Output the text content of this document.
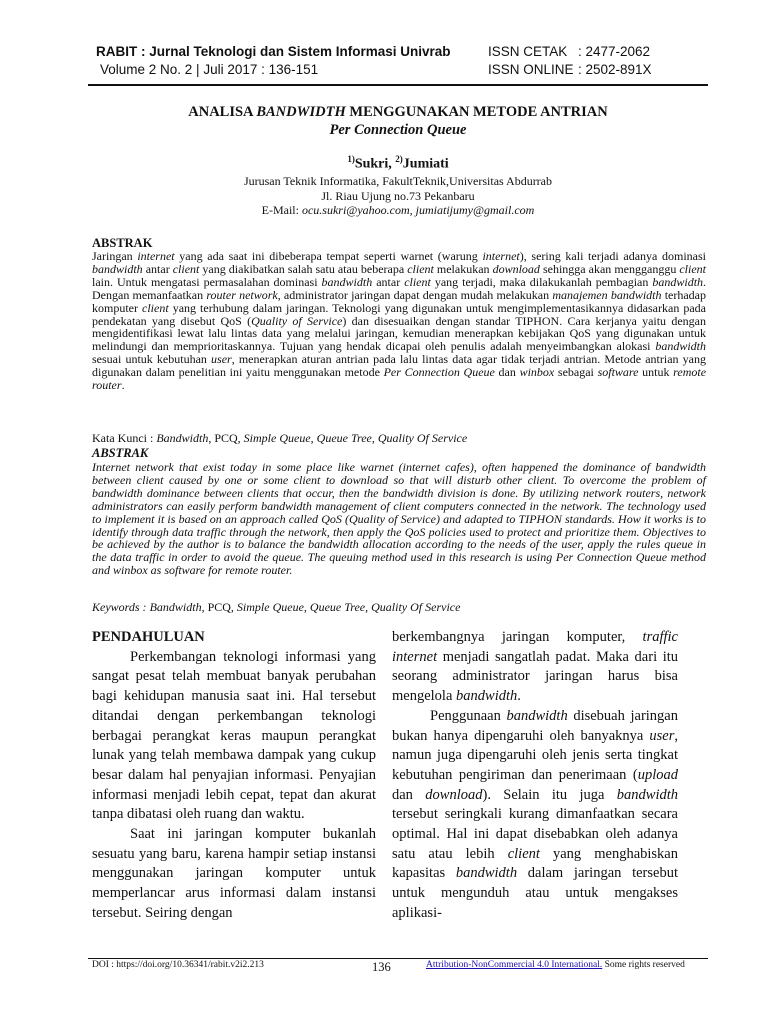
RABIT : Jurnal Teknologi dan Sistem Informasi Univrab
Volume 2 No. 2 | Juli 2017 : 136-151
ISSN CETAK : 2477-2062
ISSN ONLINE : 2502-891X
ANALISA BANDWIDTH MENGGUNAKAN METODE ANTRIAN
Per Connection Queue
$^{1)}$Sukri, $^{2)}$Jumiati
Jurusan Teknik Informatika, FakultTeknik,Universitas Abdurrab
Jl. Riau Ujung no.73 Pekanbaru
E-Mail: ocu.sukri@yahoo.com, jumiatijumy@gmail.com
ABSTRAK
Jaringan internet yang ada saat ini dibeberapa tempat seperti warnet (warung internet), sering kali terjadi adanya dominasi bandwidth antar client yang diakibatkan salah satu atau beberapa client melakukan download sehingga akan mengganggu client lain. Untuk mengatasi permasalahan dominasi bandwidth antar client yang terjadi, maka dilakukanlah pembagian bandwidth. Dengan memanfaatkan router network, administrator jaringan dapat dengan mudah melakukan manajemen bandwidth terhadap komputer client yang terhubung dalam jaringan. Teknologi yang digunakan untuk mengimplementasikannya didasarkan pada pendekatan yang disebut QoS (Quality of Service) dan disesuaikan dengan standar TIPHON. Cara kerjanya yaitu dengan mengidentifikasi lewat lalu lintas data yang melalui jaringan, kemudian menerapkan kebijakan QoS yang digunakan untuk melindungi dan memprioritaskannya. Tujuan yang hendak dicapai oleh penulis adalah menyeimbangkan alokasi bandwidth sesuai untuk kebutuhan user, menerapkan aturan antrian pada lalu lintas data agar tidak terjadi antrian. Metode antrian yang digunakan dalam penelitian ini yaitu menggunakan metode Per Connection Queue dan winbox sebagai software untuk remote router.
Kata Kunci : Bandwidth, PCQ, Simple Queue, Queue Tree, Quality Of Service
ABSTRAK
Internet network that exist today in some place like warnet (internet cafes), often happened the dominance of bandwidth between client caused by one or some client to download so that will disturb other client. To overcome the problem of bandwidth dominance between clients that occur, then the bandwidth division is done. By utilizing network routers, network administrators can easily perform bandwidth management of client computers connected in the network. The technology used to implement it is based on an approach called QoS (Quality of Service) and adapted to TIPHON standards. How it works is to identify through data traffic through the network, then apply the QoS policies used to protect and prioritize them. Objectives to be achieved by the author is to balance the bandwidth allocation according to the needs of the user, apply the rules queue in the data traffic in order to avoid the queue. The queuing method used in this research is using Per Connection Queue method and winbox as software for remote router.
Keywords : Bandwidth, PCQ, Simple Queue, Queue Tree, Quality Of Service

PENDAHULUAN

Perkembangan teknologi informasi yang sangat pesat telah membuat banyak perubahan bagi kehidupan manusia saat ini. Hal tersebut ditandai dengan perkembangan teknologi berbagai perangkat keras maupun perangkat lunak yang telah membawa dampak yang cukup besar dalam hal penyajian informasi. Penyajian informasi menjadi lebih cepat, tepat dan akurat tanpa dibatasi oleh ruang dan waktu.

Saat ini jaringan komputer bukanlah sesuatu yang baru, karena hampir setiap instansi menggunakan jaringan komputer untuk memperlancar arus informasi dalam instansi tersebut. Seiring dengan

berkembangnya jaringan komputer, traffic internet menjadi sangatlah padat. Maka dari itu seorang administrator jaringan harus bisa mengelola bandwidth.

Penggunaan bandwidth disebuah jaringan bukan hanya dipengaruhi oleh banyaknya user, namun juga dipengaruhi oleh jenis serta tingkat kebutuhan pengiriman dan penerimaan (upload dan download). Selain itu juga bandwidth tersebut seringkali kurang dimanfaatkan secara optimal. Hal ini dapat disebabkan oleh adanya satu atau lebih client yang menghabiskan kapasitas bandwidth dalam jaringan tersebut untuk mengunduh atau untuk mengakses aplikasi-

DOI : https://doi.org/10.36341/rabit.v2i2.213	136	Attribution-NonCommercial 4.0 International. Some rights reserved
